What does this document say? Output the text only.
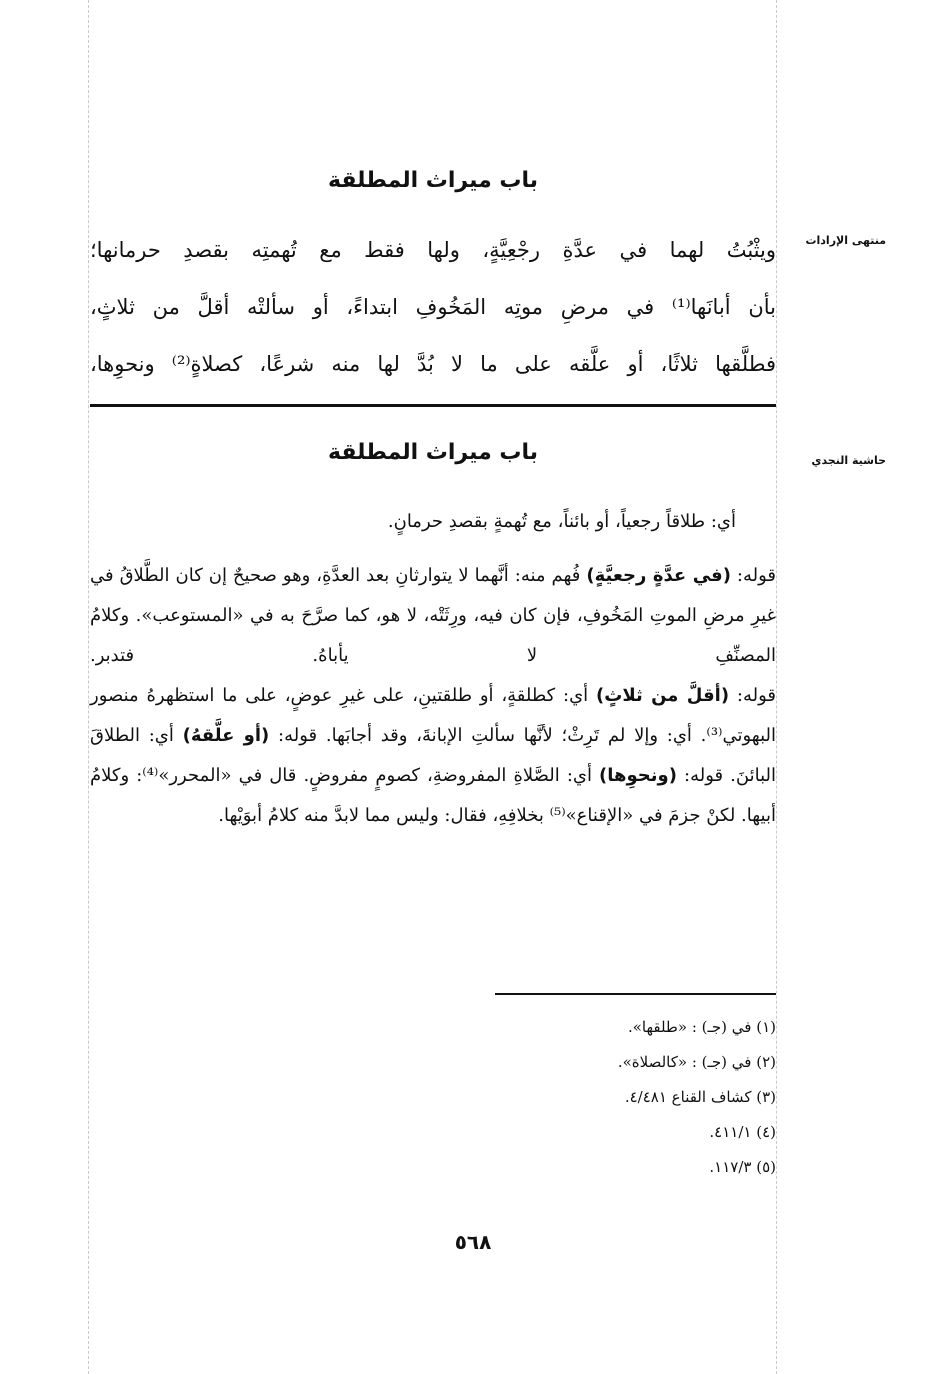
باب ميراث المطلقة
منتهى الإرادات

ويثْبُتُ لهما في عدَّةِ رجْعِيَّةٍ، ولها فقط مع تُهمتِه بقصدِ حرمانها؛

بأن أبانَها⁽¹⁾ في مرضِ موتِه المَخُوفِ ابتداءً، أو سألتْه أقلَّ من ثلاثٍ،

فطلَّقها ثلاثًا، أو علَّقه على ما لا بُدَّ لها منه شرعًا، كصلاةٍ⁽²⁾ ونحوِها،

باب ميراث المطلقة	حاشية النجدي

أي: طلاقاً رجعياً، أو بائناً، مع تُهمةٍ بقصدِ حرمانٍ.

قوله: (في عدَّةٍ رجعيَّةٍ) فُهم منه: أنَّهما لا يتوارثانِ بعد العدَّةِ، وهو صحيحٌ إن كان الطَّلاقُ في غيرِ مرضِ الموتِ المَخُوفِ، فإن كان فيه، ورِثَتْه، لا هو، كما صرَّحَ به في «المستوعب». وكلامُ المصنِّفِ لا يأباهُ. فتدبر.

قوله: (أقلَّ من ثلاثٍ) أي: كطلقةٍ، أو طلقتينِ، على غيرِ عوضٍ، على ما استظهرهُ منصور البهوتي⁽³⁾. أي: وإلا لم تَرِثْ؛ لأنَّها سألتِ الإبانةَ، وقد أجابَها. قوله: (أو علَّقهُ) أي: الطلاقَ البائنَ. قوله: (ونحوِها) أي: الصَّلاةِ المفروضةِ، كصومٍ مفروضٍ. قال في «المحرر»⁽⁴⁾: وكلامُ أبيها. لكنْ جزمَ في «الإقناع»⁽⁵⁾ بخلافِهِ، فقال: وليس مما لابدَّ منه كلامُ أبوَيْها.

(١) في (جـ) : «طلقها».

(٢) في (جـ) : «كالصلاة».

(٣) كشاف القناع ٤/٤٨١.

(٤) ٤١١/١.

(٥) ١١٧/٣.

٥٦٨
